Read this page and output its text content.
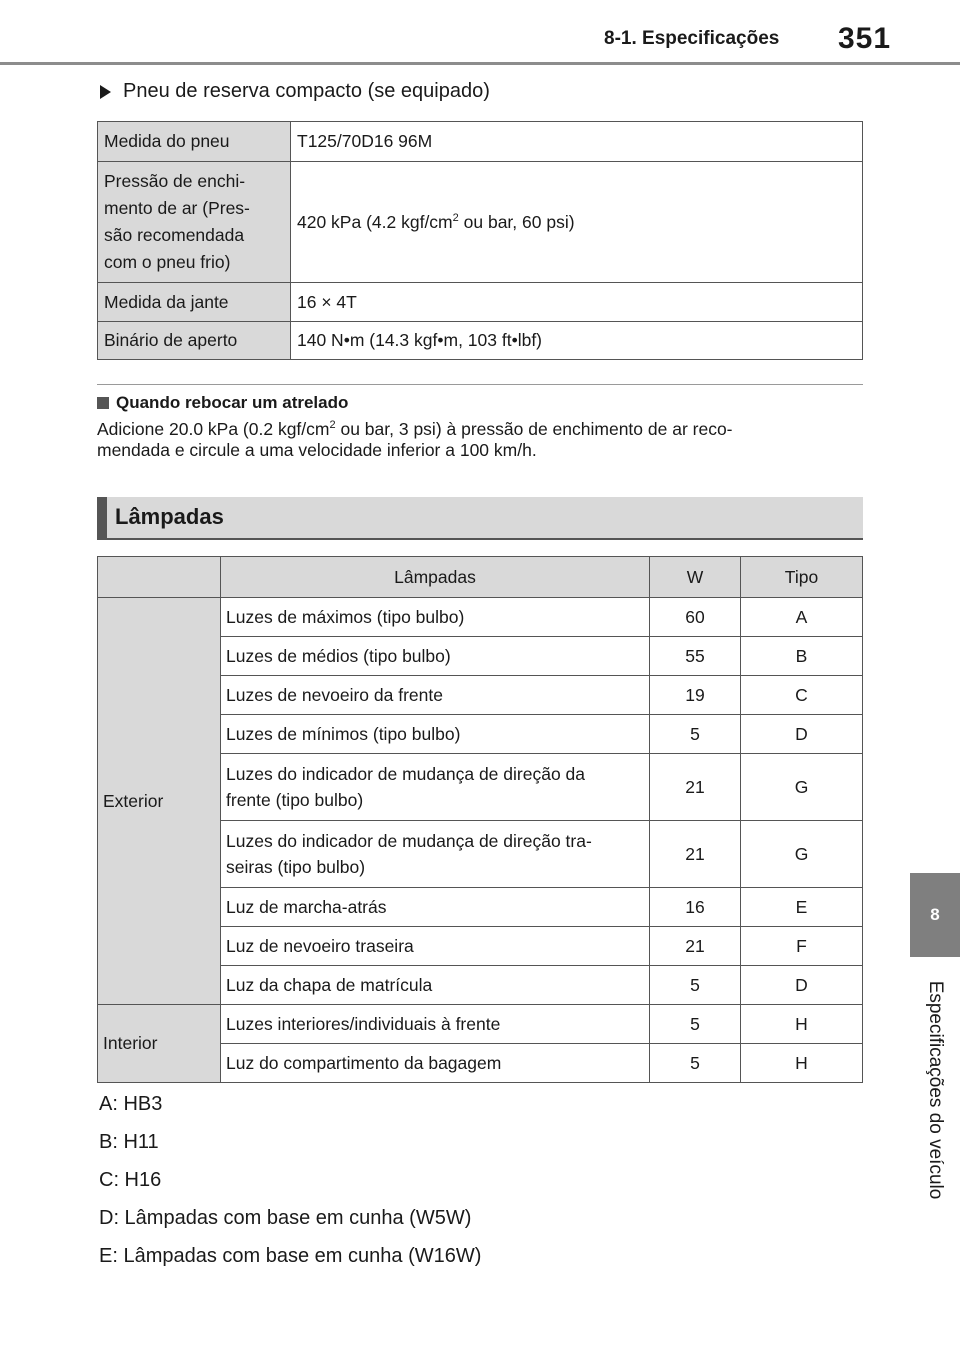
8-1. Especificações 351
8
Especificações do veículo
Pneu de reserva compacto (se equipado)
Medida do pneu	T125/70D16 96M

Pressão de enchi-
mento de ar (Pres-
são recomendada
com o pneu frio)	420 kPa (4.2 kgf/$cm^2$ ou bar, 60 psi)
Medida da jante	16 × 4T
Binário de aperto	140 N•m (14.3 kgf•m, 103 ft•lbf)
Quando rebocar um atrelado
Adicione 20.0 kPa (0.2 kgf/$cm^2$ ou bar, 3 psi) à pressão de enchimento de ar reco-
mendada e circule a uma velocidade inferior a 100 km/h.
Lâmpadas
	Lâmpadas	W	Tipo
Exterior	Luzes de máximos (tipo bulbo)	60	A
	Luzes de médios (tipo bulbo)	55	B
	Luzes de nevoeiro da frente	19	C
	Luzes de mínimos (tipo bulbo)	5	D

	Luzes do indicador de mudança de direção da
frente (tipo bulbo)	21	G

	Luzes do indicador de mudança de direção tra-
seiras (tipo bulbo)	21	G
	Luz de marcha-atrás	16	E
	Luz de nevoeiro traseira	21	F
	Luz da chapa de matrícula	5	D
Interior	Luzes interiores/individuais à frente	5	H
	Luz do compartimento da bagagem	5	H
A: HB3
B: H11
C: H16
D: Lâmpadas com base em cunha (W5W)
E: Lâmpadas com base em cunha (W16W)
